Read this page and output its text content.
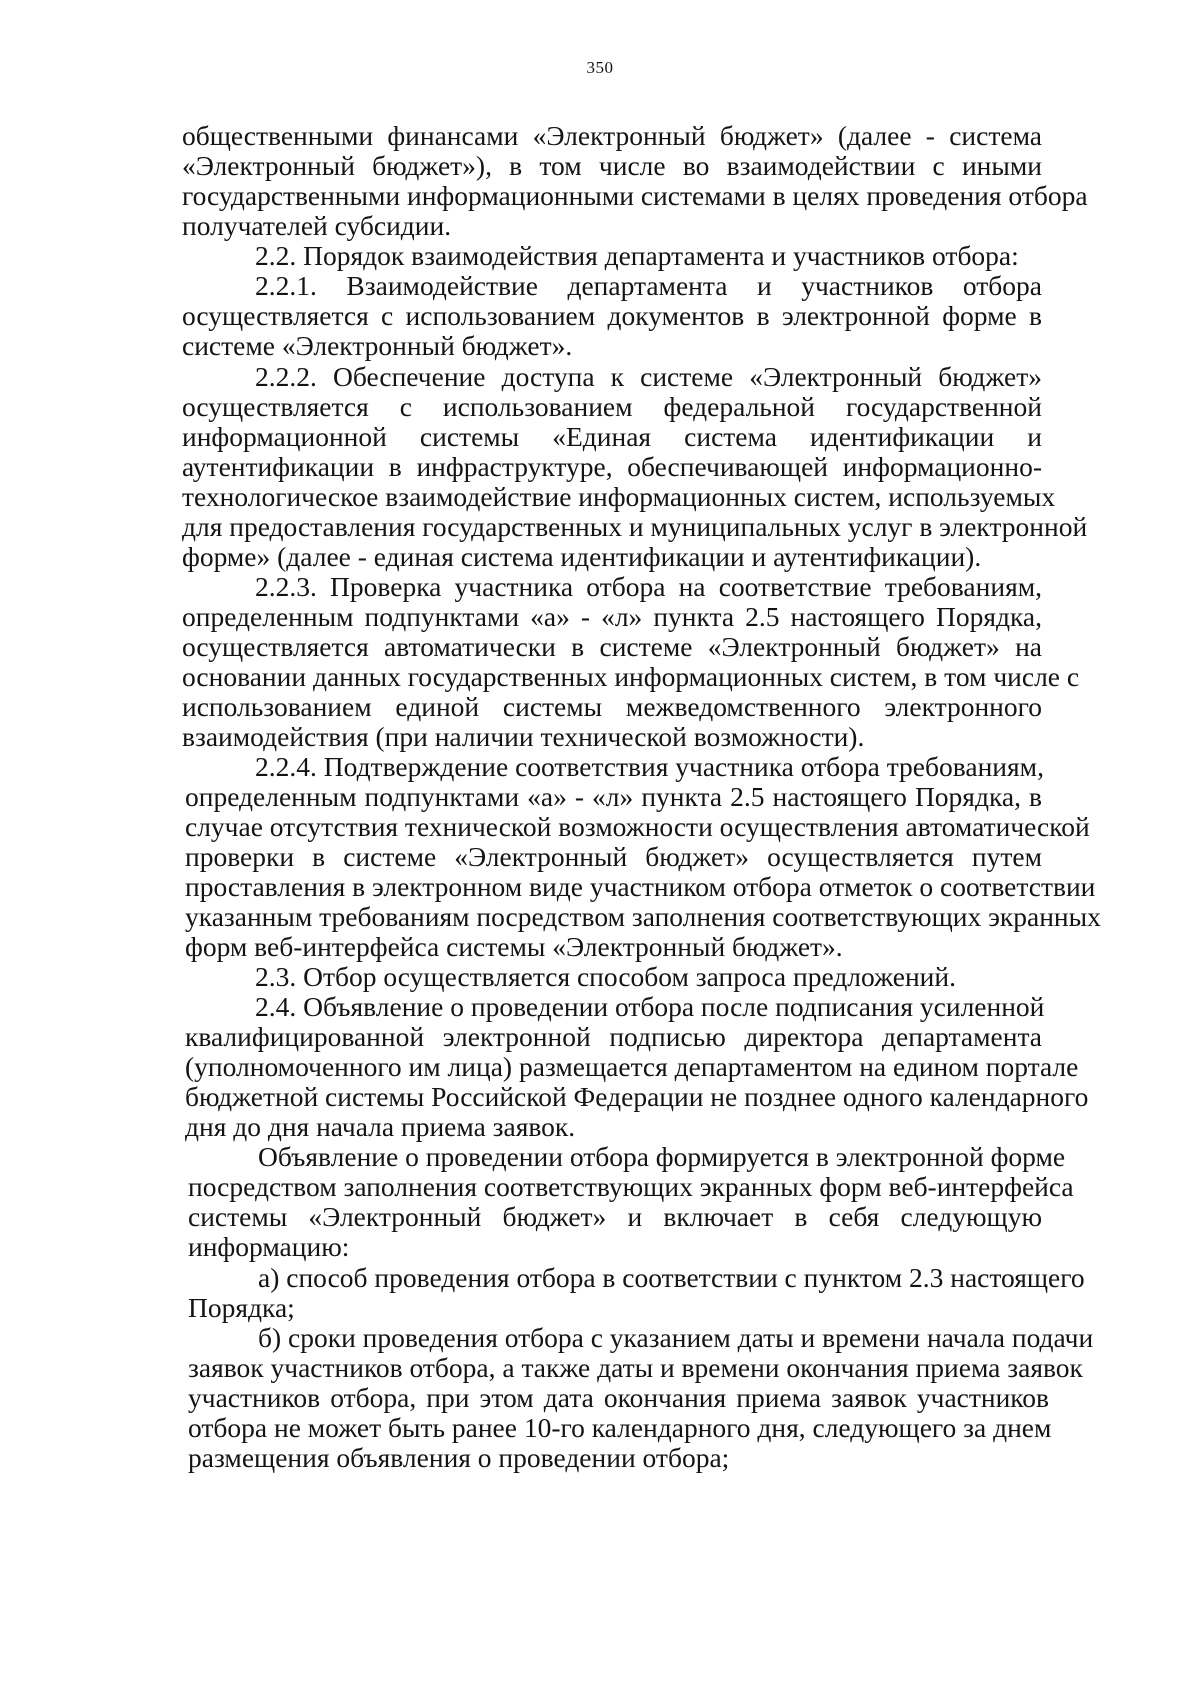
350
общественными финансами «Электронный бюджет» (далее - система
«Электронный бюджет»), в том числе во взаимодействии с иными
государственными информационными системами в целях проведения отбора
получателей субсидии.
2.2. Порядок взаимодействия департамента и участников отбора:
2.2.1. Взаимодействие департамента и участников отбора
осуществляется с использованием документов в электронной форме в
системе «Электронный бюджет».
2.2.2. Обеспечение доступа к системе «Электронный бюджет»
осуществляется с использованием федеральной государственной
информационной системы «Единая система идентификации и
аутентификации в инфраструктуре, обеспечивающей информационно-
технологическое взаимодействие информационных систем, используемых
для предоставления государственных и муниципальных услуг в электронной
форме» (далее - единая система идентификации и аутентификации).
2.2.3. Проверка участника отбора на соответствие требованиям,
определенным подпунктами «а» - «л» пункта 2.5 настоящего Порядка,
осуществляется автоматически в системе «Электронный бюджет» на
основании данных государственных информационных систем, в том числе с
использованием единой системы межведомственного электронного
взаимодействия (при наличии технической возможности).
2.2.4. Подтверждение соответствия участника отбора требованиям,
определенным подпунктами «а» - «л» пункта 2.5 настоящего Порядка, в
случае отсутствия технической возможности осуществления автоматической
проверки в системе «Электронный бюджет» осуществляется путем
проставления в электронном виде участником отбора отметок о соответствии
указанным требованиям посредством заполнения соответствующих экранных
форм веб-интерфейса системы «Электронный бюджет».
2.3. Отбор осуществляется способом запроса предложений.
2.4. Объявление о проведении отбора после подписания усиленной
квалифицированной электронной подписью директора департамента
(уполномоченного им лица) размещается департаментом на едином портале
бюджетной системы Российской Федерации не позднее одного календарного
дня до дня начала приема заявок.
Объявление о проведении отбора формируется в электронной форме
посредством заполнения соответствующих экранных форм веб-интерфейса
системы «Электронный бюджет» и включает в себя следующую
информацию:
а) способ проведения отбора в соответствии с пунктом 2.3 настоящего
Порядка;
б) сроки проведения отбора с указанием даты и времени начала подачи
заявок участников отбора, а также даты и времени окончания приема заявок
участников отбора, при этом дата окончания приема заявок участников
отбора не может быть ранее 10-го календарного дня, следующего за днем
размещения объявления о проведении отбора;
